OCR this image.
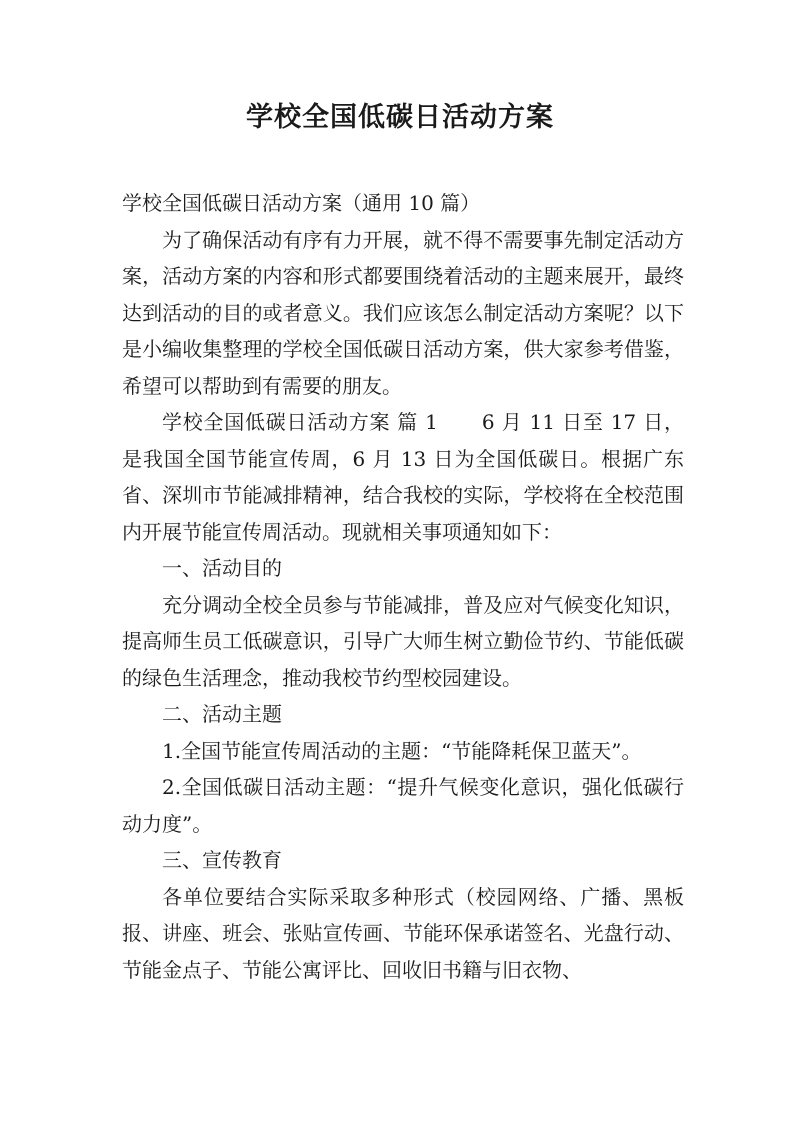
学校全国低碳日活动方案

学校全国低碳日活动方案（通用 10 篇）

为了确保活动有序有力开展，就不得不需要事先制定活动方案，活动方案的内容和形式都要围绕着活动的主题来展开，最终达到活动的目的或者意义。我们应该怎么制定活动方案呢？以下是小编收集整理的学校全国低碳日活动方案，供大家参考借鉴，希望可以帮助到有需要的朋友。

学校全国低碳日活动方案 篇 1 6 月 11 日至 17 日，是我国全国节能宣传周，6 月 13 日为全国低碳日。根据广东省、深圳市节能减排精神，结合我校的实际，学校将在全校范围内开展节能宣传周活动。现就相关事项通知如下：

一、活动目的

充分调动全校全员参与节能减排，普及应对气候变化知识，提高师生员工低碳意识，引导广大师生树立勤俭节约、节能低碳的绿色生活理念，推动我校节约型校园建设。

二、活动主题

1.全国节能宣传周活动的主题：“节能降耗保卫蓝天”。

2.全国低碳日活动主题：“提升气候变化意识，强化低碳行动力度”。

三、宣传教育

各单位要结合实际采取多种形式（校园网络、广播、黑板报、讲座、班会、张贴宣传画、节能环保承诺签名、光盘行动、节能金点子、节能公寓评比、回收旧书籍与旧衣物、
